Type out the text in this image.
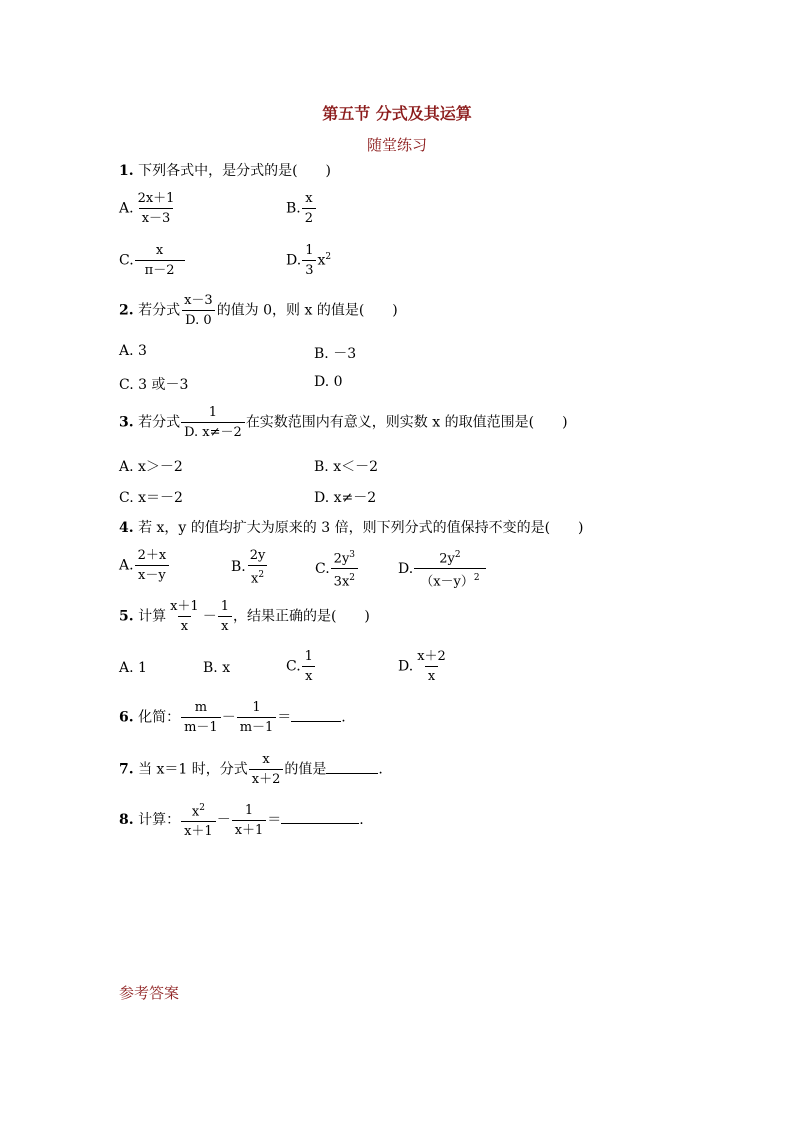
第五节 分式及其运算
随堂练习
1. 下列各式中，是分式的是(　　)
A. $\frac{2x+1}{x-3}$	B. $\frac{x}{2}$
C. $\frac{x}{\pi-2}$	D. $\frac{1}{3} x^2$
2. 若分式 $\frac{x-3}{D. 0}$ 的值为 0，则 x 的值是(　　)
A. 3	B. －3
C. 3 或－3	D. 0
3. 若分式 $\frac{1}{D. x\ne-2}$ 在实数范围内有意义，则实数 x 的取值范围是(　　)
A. x＞－2	B. x＜－2
C. x＝－2	D. x≠－2
4. 若 x，y 的值均扩大为原来的 3 倍，则下列分式的值保持不变的是(　　)
A. $\frac{2+x}{x-y}$	B. $\frac{2y}{x^2}$	C. $\frac{2y^3}{3x^2}$	D. $\frac{2y^2}{(x-y)^2}$
5. 计算 $\frac{x+1}{x} - \frac{1}{x}$ ，结果正确的是(　　)
A. 1	B. x	C. $\frac{1}{x}$	D. $\frac{x+2}{x}$
6. 化简： $\frac{m}{m-1} - \frac{1}{m-1}$ ＝	.
7. 当 x＝1 时，分式 $\frac{x}{x+2}$ 的值是	.
8. 计算： $\frac{x^2}{x+1} - \frac{1}{x+1}$ ＝	.
参考答案
